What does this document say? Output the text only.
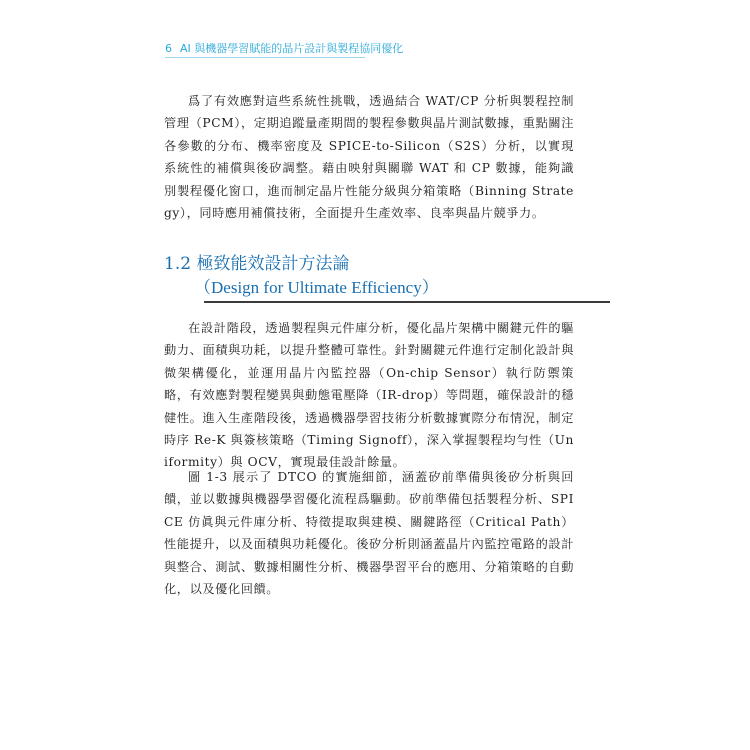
6 AI 與機器學習賦能的晶片設計與製程協同優化

爲了有效應對這些系統性挑戰，透過結合 WAT/CP 分析與製程控制管理（PCM），定期追蹤量產期間的製程參數與晶片測試數據，重點關注各參數的分布、機率密度及 SPICE-to-Silicon（S2S）分析，以實現系統性的補償與後矽調整。藉由映射與關聯 WAT 和 CP 數據，能夠識別製程優化窗口，進而制定晶片性能分級與分箱策略（Binning Strategy），同時應用補償技術，全面提升生產效率、良率與晶片競爭力。

1.2 極致能效設計方法論
（Design for Ultimate Efficiency）

在設計階段，透過製程與元件庫分析，優化晶片架構中關鍵元件的驅動力、面積與功耗，以提升整體可靠性。針對關鍵元件進行定制化設計與微架構優化，並運用晶片內監控器（On-chip Sensor）執行防禦策略，有效應對製程變異與動態電壓降（IR-drop）等問題，確保設計的穩健性。進入生產階段後，透過機器學習技術分析數據實際分布情況，制定時序 Re-K 與簽核策略（Timing Signoff），深入掌握製程均勻性（Uniformity）與 OCV，實現最佳設計餘量。

圖 1-3 展示了 DTCO 的實施細節，涵蓋矽前準備與後矽分析與回饋，並以數據與機器學習優化流程爲驅動。矽前準備包括製程分析、SPICE 仿眞與元件庫分析、特徵提取與建模、關鍵路徑（Critical Path）性能提升，以及面積與功耗優化。後矽分析則涵蓋晶片內監控電路的設計與整合、測試、數據相關性分析、機器學習平台的應用、分箱策略的自動化，以及優化回饋。
